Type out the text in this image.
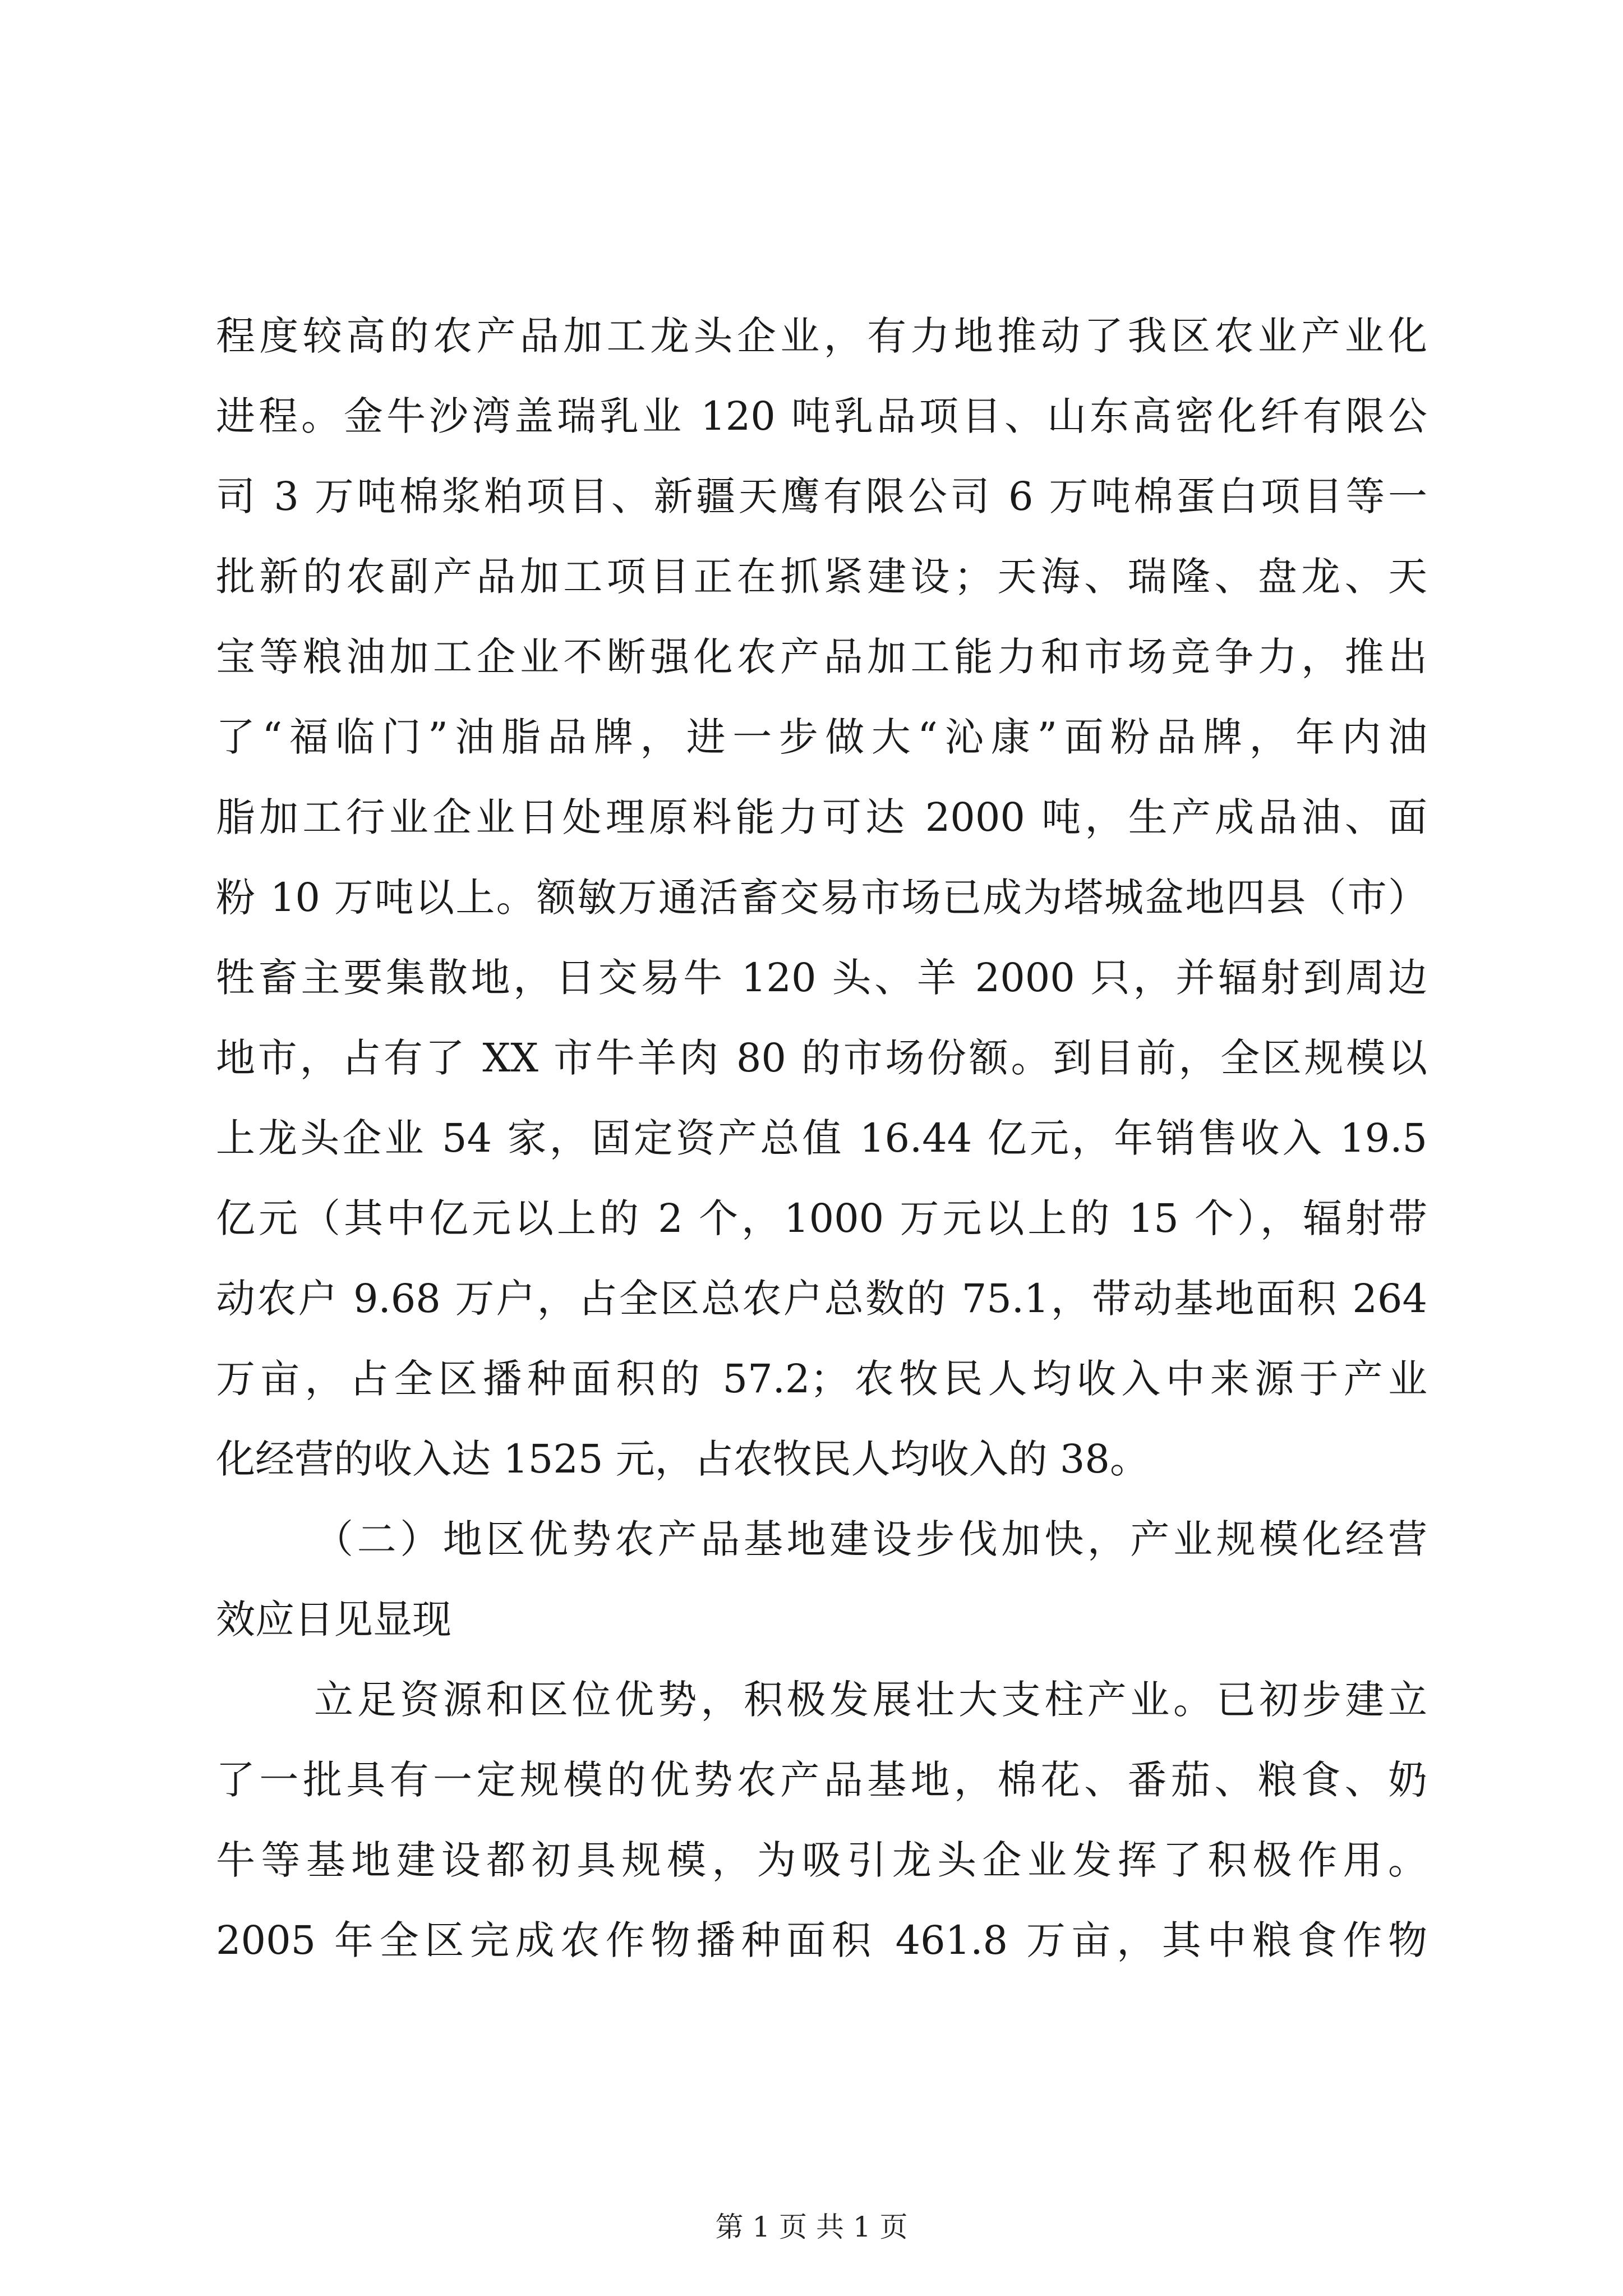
程度较高的农产品加工龙头企业，有力地推动了我区农业产业化
进程。金牛沙湾盖瑞乳业 120 吨乳品项目、山东高密化纤有限公
司 3 万吨棉浆粕项目、新疆天鹰有限公司 6 万吨棉蛋白项目等一
批新的农副产品加工项目正在抓紧建设；天海、瑞隆、盘龙、天
宝等粮油加工企业不断强化农产品加工能力和市场竞争力，推出
了“福临门”油脂品牌，进一步做大“沁康”面粉品牌，年内油
脂加工行业企业日处理原料能力可达 2000 吨，生产成品油、面
粉 10 万吨以上。额敏万通活畜交易市场已成为塔城盆地四县（市）
牲畜主要集散地，日交易牛 120 头、羊 2000 只，并辐射到周边
地市，占有了 XX 市牛羊肉 80 的市场份额。到目前，全区规模以
上龙头企业 54 家，固定资产总值 16.44 亿元，年销售收入 19.5
亿元（其中亿元以上的 2 个，1000 万元以上的 15 个），辐射带
动农户 9.68 万户，占全区总农户总数的 75.1，带动基地面积 264
万亩，占全区播种面积的 57.2；农牧民人均收入中来源于产业
化经营的收入达 1525 元，占农牧民人均收入的 38。
（二）地区优势农产品基地建设步伐加快，产业规模化经营
效应日见显现
立足资源和区位优势，积极发展壮大支柱产业。已初步建立
了一批具有一定规模的优势农产品基地，棉花、番茄、粮食、奶
牛等基地建设都初具规模，为吸引龙头企业发挥了积极作用。
2005 年全区完成农作物播种面积 461.8 万亩，其中粮食作物
第 1 页 共 1 页
